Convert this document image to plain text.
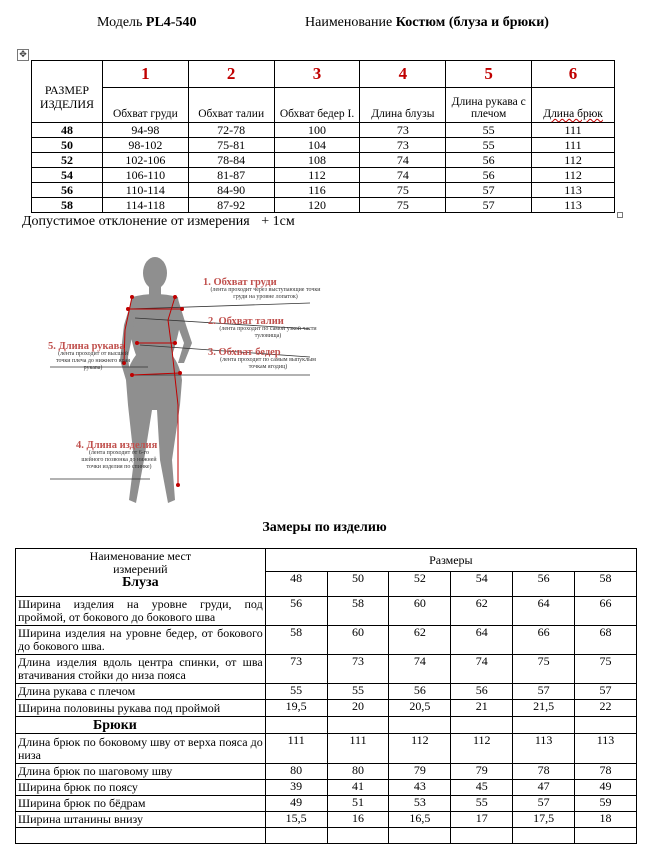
Модель PL4-540	Наименование Костюм (блуза и брюки)
✥
РАЗМЕР ИЗДЕЛИЯ	1	2	3	4	5	6
	Обхват груди	Обхват талии	Обхват бедер I.	Длина блузы	Длина рукава с плечом	Длина брюк
48	94-98	72-78	100	73	55	111
50	98-102	75-81	104	73	55	111
52	102-106	78-84	108	74	56	112
54	106-110	81-87	112	74	56	112
56	110-114	84-90	116	75	57	113
58	114-118	87-92	120	75	57	113
Допустимое отклонение от измерения + 1см
1. Обхват груди
(лента проходит через выступающие точки груди на уровне лопаток)
2. Обхват талии
(лента проходит по самой узкой части туловища)
3. Обхват бедер
(лента проходит по самым выпуклым точкам ягодиц)
5. Длина рукава
(лента проходит от высшей точки плеча до нижнего края рукава)
4. Длина изделия
(лента проходит от 6-го шейного позвонка до нижней точки изделия по спинке)
Замеры по изделию
Наименование мест измерений
Блуза	Размеры					
	48	50	52	54	56	58
Ширина изделия на уровне груди, под проймой, от бокового до бокового шва	56	58	60	62	64	66
Ширина изделия на уровне бедер, от бокового до бокового шва.	58	60	62	64	66	68
Длина изделия вдоль центра спинки, от шва втачивания стойки до низа пояса	73	73	74	74	75	75
Длина рукава с плечом	55	55	56	56	57	57
Ширина половины рукава под проймой	19,5	20	20,5	21	21,5	22
Брюки						
Длина брюк по боковому шву от верха пояса до низа	111	111	112	112	113	113
Длина брюк по шаговому шву	80	80	79	79	78	78
Ширина брюк по поясу	39	41	43	45	47	49
Ширина брюк по бёдрам	49	51	53	55	57	59
Ширина штанины внизу	15,5	16	16,5	17	17,5	18
